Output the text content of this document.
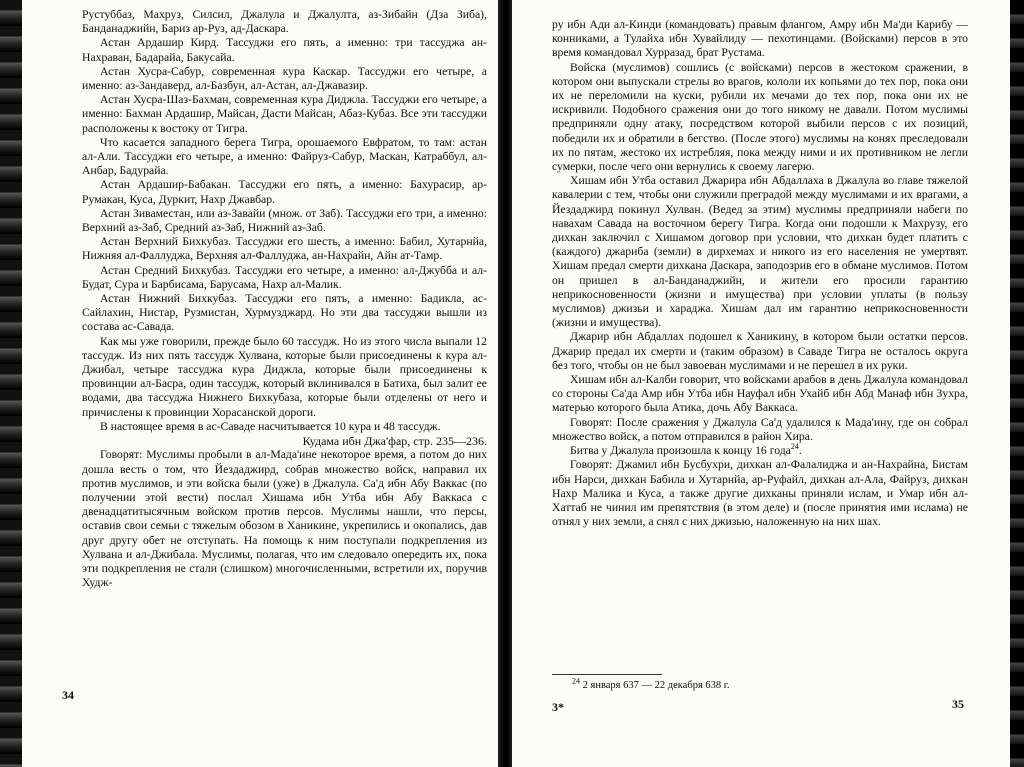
Рустуббаз, Махруз, Силсил, Джалула и Джалулта, аз-Зибайн (Дза Зиба), Банданаджийн, Бариз ар-Руз, ад-Даскара.

Астан Ардашир Кирд. Тассуджи его пять, а именно: три тассуджа ан-Нахраван, Бадарайа, Бакусайа.

Астан Хусра-Сабур, современная кура Каскар. Тассуджи его четыре, а именно: аз-Зандаверд, ал-Базбун, ал-Астан, ал-Джавазир.

Астан Хусра-Шаз-Бахман, современная кура Диджла. Тассуджи его четыре, а именно: Бахман Ардашир, Майсан, Дасти Майсан, Абаз-Кубаз. Все эти тассуджи расположены к востоку от Тигра.

Что касается западного берега Тигра, орошаемого Евфратом, то там: астан ал-Али. Тассуджи его четыре, а именно: Файруз-Сабур, Маскан, Катраббул, ал-Анбар, Бадурайа.

Астан Ардашир-Бабакан. Тассуджи его пять, а именно: Бахурасир, ар-Румакан, Куса, Дуркит, Нахр Джавбар.

Астан Зиваместан, или аз-Завайи (множ. от Заб). Тассуджи его три, а именно: Верхний аз-Заб, Средний аз-Заб, Нижний аз-Заб.

Астан Верхний Бихкубаз. Тассуджи его шесть, а именно: Бабил, Хутарнйа, Нижняя ал-Фаллуджа, Верхняя ал-Фаллуджа, ан-Нахрайн, Айн ат-Тамр.

Астан Средний Бихкубаз. Тассуджи его четыре, а именно: ал-Джубба и ал-Будат, Сура и Барбисама, Барусама, Нахр ал-Малик.

Астан Нижний Бихкубаз. Тассуджи его пять, а именно: Бадикла, ас-Сайлахин, Нистар, Рузмистан, Хурмузджард. Но эти два тассуджи вышли из состава ас-Савада.

Как мы уже говорили, прежде было 60 тассудж. Но из этого числа выпали 12 тассудж. Из них пять тассудж Хулвана, которые были присоединены к кура ал-Джибал, четыре тассуджа кура Диджла, которые были присоединены к провинции ал-Басра, один тассудж, который вклинивался в Батиха, был залит ее водами, два тассуджа Нижнего Бихкубаза, которые были отделены от него и причислены к провинции Хорасанской дороги.

В настоящее время в ас-Саваде насчитывается 10 кура и 48 тассудж.

Кудама ибн Джа'фар, стр. 235—236.

Говорят: Муслимы пробыли в ал-Мада'ине некоторое время, а потом до них дошла весть о том, что Йездаджирд, собрав множество войск, направил их против муслимов, и эти войска были (уже) в Джалула. Са'д ибн Абу Ваккас (по получении этой вести) послал Хишама ибн Утба ибн Абу Ваккаса с двенадцатитысячным войском против персов. Муслимы нашли, что персы, оставив свои семьи с тяжелым обозом в Ханикине, укрепились и окопались, дав друг другу обет не отступать. На помощь к ним поступали подкрепления из Хулвана и ал-Джибала. Муслимы, полагая, что им следовало опередить их, пока эти подкрепления не стали (слишком) многочисленными, встретили их, поручив Худж-

34

ру ибн Ади ал-Кинди (командовать) правым флангом, Амру ибн Ма'ди Карибу — конниками, а Тулайха ибн Хувайлиду — пехотинцами. (Войсками) персов в это время командовал Хурразад, брат Рустама.

Войска (муслимов) сошлись (с войсками) персов в жестоком сражении, в котором они выпускали стрелы во врагов, кололи их копьями до тех пор, пока они их не переломили на куски, рубили их мечами до тех пор, пока они их не искривили. Подобного сражения они до того никому не давали. Потом муслимы предприняли одну атаку, посредством которой выбили персов с их позиций, победили их и обратили в бегство. (После этого) муслимы на конях преследовали их по пятам, жестоко их истребляя, пока между ними и их противником не легли сумерки, после чего они вернулись к своему лагерю.

Хишам ибн Утба оставил Джарира ибн Абдаллаха в Джалула во главе тяжелой кавалерии с тем, чтобы они служили преградой между муслимами и их врагами, а Йездаджирд покинул Хулван. (Ведед за этим) муслимы предприняли набеги по навахам Савада на восточном берегу Тигра. Когда они подошли к Махрузу, его дихкан заключил с Хишамом договор при условии, что дихкан будет платить с (каждого) джариба (земли) в дирхемах и никого из его населения не умертвят. Хишам предал смерти дихкана Даскара, заподозрив его в обмане муслимов. Потом он пришел в ал-Банданаджийн, и жители его просили гарантию неприкосновенности (жизни и имущества) при условии уплаты (в пользу муслимов) джизьи и хараджа. Хишам дал им гарантию неприкосновенности (жизни и имущества).

Джарир ибн Абдаллах подошел к Ханикину, в котором были остатки персов. Джарир предал их смерти и (таким образом) в Саваде Тигра не осталось округа без того, чтобы он не был завоеван муслимами и не перешел в их руки.

Хишам ибн ал-Калби говорит, что войсками арабов в день Джалула командовал со стороны Са'да Амр ибн Утба ибн Науфал ибн Ухайб ибн Абд Манаф ибн Зухра, матерью которого была Атика, дочь Абу Ваккаса.

Говорят: После сражения у Джалула Са'д удалился к Мада'ину, где он собрал множество войск, а потом отправился в район Хира.

Битва у Джалула произошла к концу 16 года$^{24}$.

Говорят: Джамил ибн Бусбухри, дихкан ал-Фалалиджа и ан-Нахрайна, Бистам ибн Нарси, дихкан Бабила и Хутарнйа, ар-Руфайл, дихкан ал-Ала, Файруз, дихкан Нахр Малика и Куса, а также другие дихканы приняли ислам, и Умар ибн ал-Хаттаб не чинил им препятствия (в этом деле) и (после принятия ими ислама) не отнял у них земли, а снял с них джизью, наложенную на них шах.

$^{24}$ 2 января 637 — 22 декабря 638 г.
3*	35
